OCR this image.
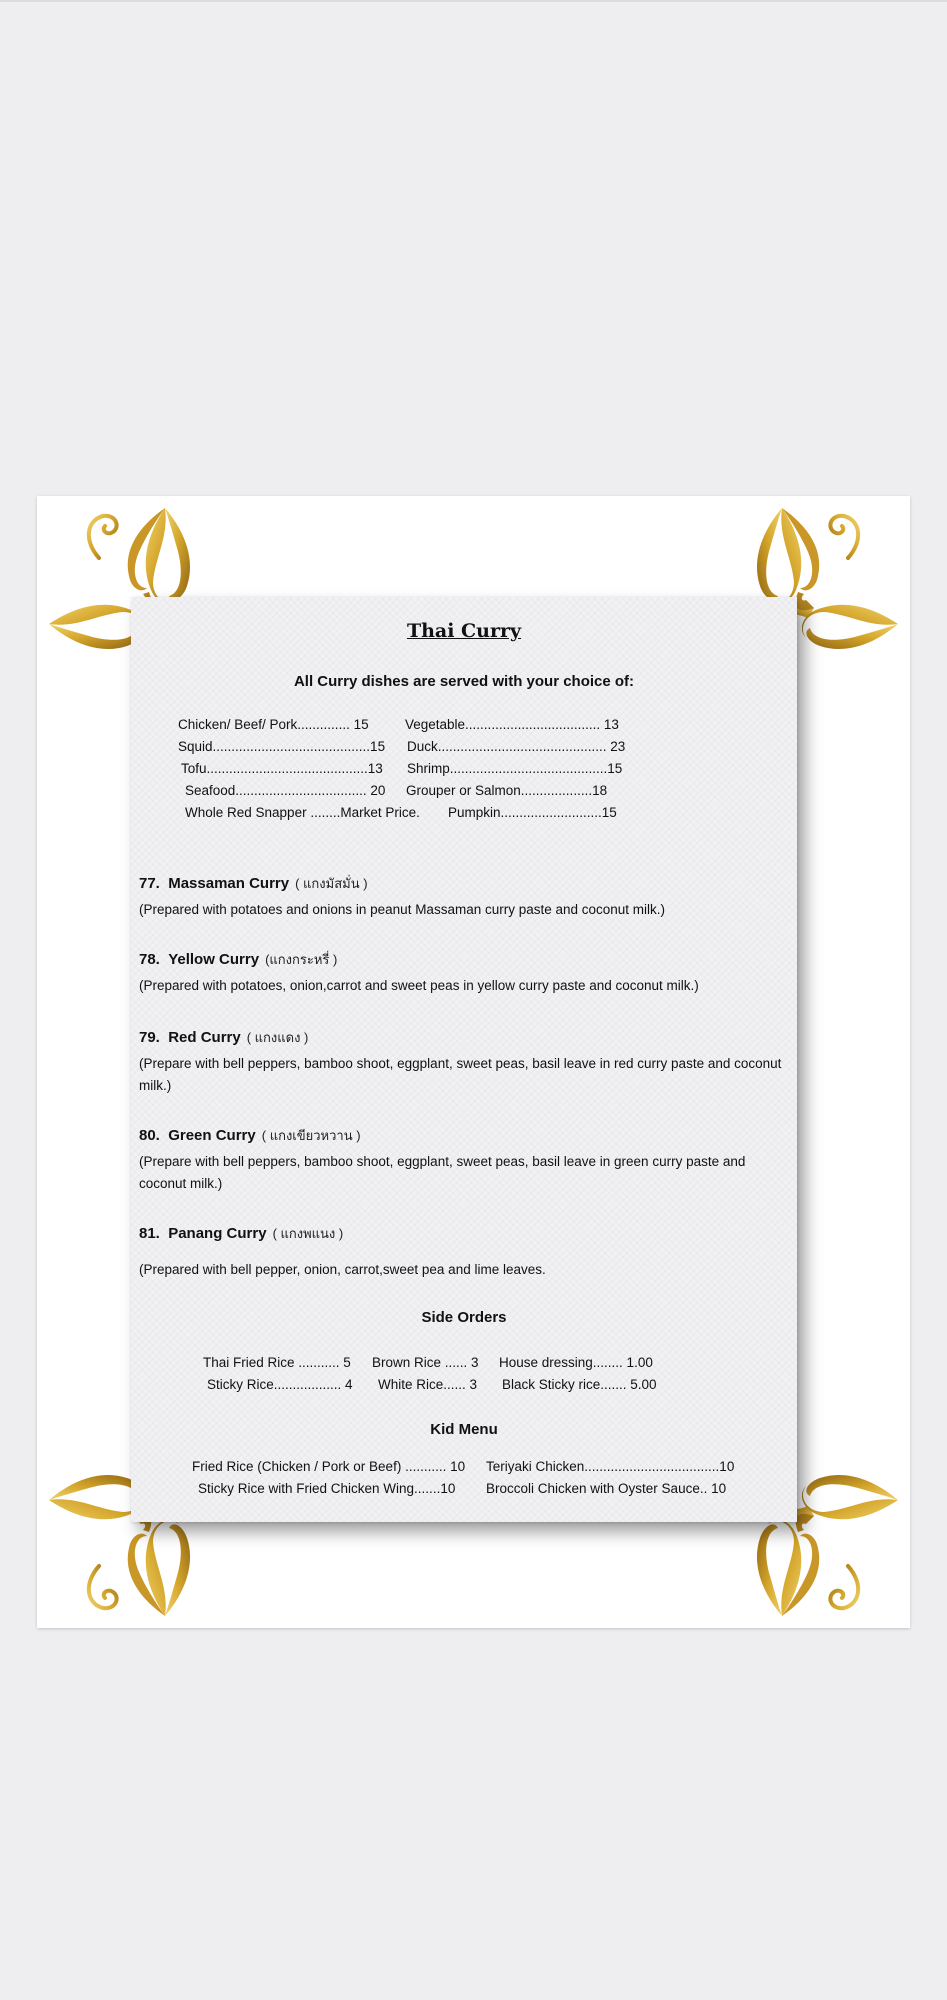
Thai Curry
All Curry dishes are served with your choice of:
Chicken/ Beef/ Pork.............. 15	Vegetable.................................... 13
Squid..........................................15 Duck............................................. 23
Tofu...........................................13 Shrimp..........................................15
Seafood................................... 20 Grouper or Salmon...................18
Whole Red Snapper ........Market Price. Pumpkin...........................15
77. Massaman Curry ( แกงมัสมั่น )
(Prepared with potatoes and onions in peanut Massaman curry paste and coconut milk.)
78. Yellow Curry (แกงกระหรี่ )
(Prepared with potatoes, onion,carrot and sweet peas in yellow curry paste and coconut milk.)
79. Red Curry ( แกงแดง )
(Prepare with bell peppers, bamboo shoot, eggplant, sweet peas, basil leave in red curry paste and coconut milk.)
80. Green Curry ( แกงเขียวหวาน )
(Prepare with bell peppers, bamboo shoot, eggplant, sweet peas, basil leave in green curry paste and coconut milk.)
81. Panang Curry ( แกงพแนง )
(Prepared with bell pepper, onion, carrot,sweet pea and lime leaves.
Side Orders
Thai Fried Rice ........... 5 Brown Rice ...... 3 House dressing........ 1.00
Sticky Rice.................. 4 White Rice...... 3 Black Sticky rice....... 5.00
Kid Menu
Fried Rice (Chicken / Pork or Beef) ........... 10 Teriyaki Chicken....................................10
Sticky Rice with Fried Chicken Wing.......10 Broccoli Chicken with Oyster Sauce.. 10
